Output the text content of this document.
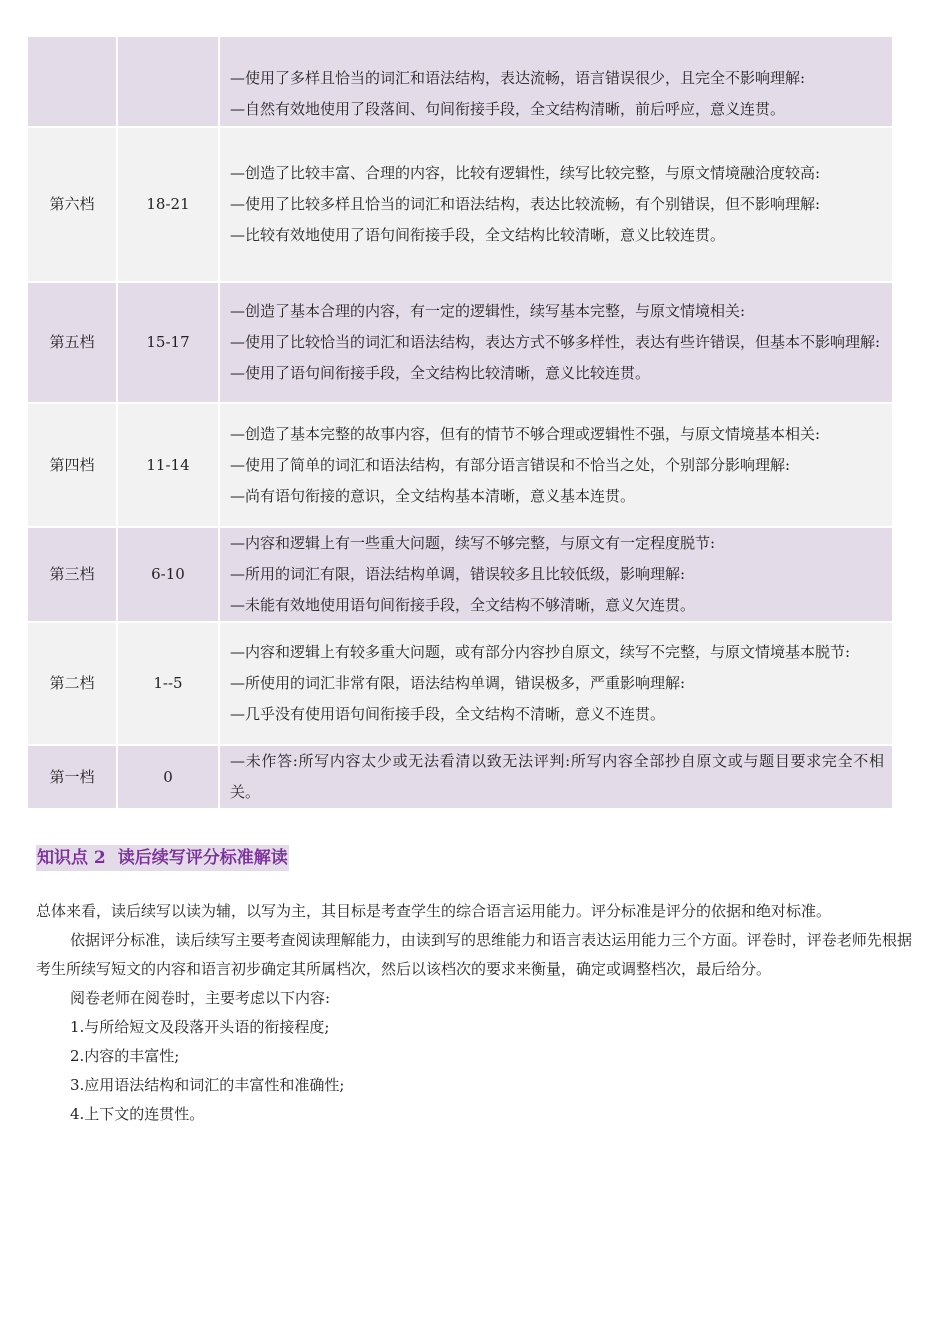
		—使用了多样且恰当的词汇和语法结构，表达流畅，语言错误很少，且完全不影响理解:
—自然有效地使用了段落间、句间衔接手段，全文结构清晰，前后呼应，意义连贯。

第六档	18-21	—创造了比较丰富、合理的内容，比较有逻辑性，续写比较完整，与原文情境融洽度较高:
—使用了比较多样且恰当的词汇和语法结构，表达比较流畅，有个别错误，但不影响理解:
—比较有效地使用了语句间衔接手段，全文结构比较清晰，意义比较连贯。

第五档	15-17	—创造了基本合理的内容，有一定的逻辑性，续写基本完整，与原文情境相关:
—使用了比较恰当的词汇和语法结构，表达方式不够多样性，表达有些许错误，但基本不影响理解:
—使用了语句间衔接手段，全文结构比较清晰，意义比较连贯。

第四档	11-14	—创造了基本完整的故事内容，但有的情节不够合理或逻辑性不强，与原文情境基本相关:
—使用了简单的词汇和语法结构，有部分语言错误和不恰当之处，个别部分影响理解:
—尚有语句衔接的意识，全文结构基本清晰，意义基本连贯。

第三档	6-10	—内容和逻辑上有一些重大问题，续写不够完整，与原文有一定程度脱节:
—所用的词汇有限，语法结构单调，错误较多且比较低级，影响理解:
—未能有效地使用语句间衔接手段，全文结构不够清晰，意义欠连贯。

第二档	1--5	—内容和逻辑上有较多重大问题，或有部分内容抄自原文，续写不完整，与原文情境基本脱节:
—所使用的词汇非常有限，语法结构单调，错误极多，严重影响理解:
—几乎没有使用语句间衔接手段，全文结构不清晰，意义不连贯。

第一档	0	—未作答:所写内容太少或无法看清以致无法评判:所写内容全部抄自原文或与题目要求完全不相关。
知识点 2 读后续写评分标准解读

总体来看，读后续写以读为辅，以写为主，其目标是考查学生的综合语言运用能力。评分标准是评分的依据和绝对标准。

依据评分标准，读后续写主要考查阅读理解能力，由读到写的思维能力和语言表达运用能力三个方面。评卷时，评卷老师先根据考生所续写短文的内容和语言初步确定其所属档次，然后以该档次的要求来衡量，确定或调整档次，最后给分。

阅卷老师在阅卷时，主要考虑以下内容:

1.与所给短文及段落开头语的衔接程度;

2.内容的丰富性;

3.应用语法结构和词汇的丰富性和准确性;

4.上下文的连贯性。
